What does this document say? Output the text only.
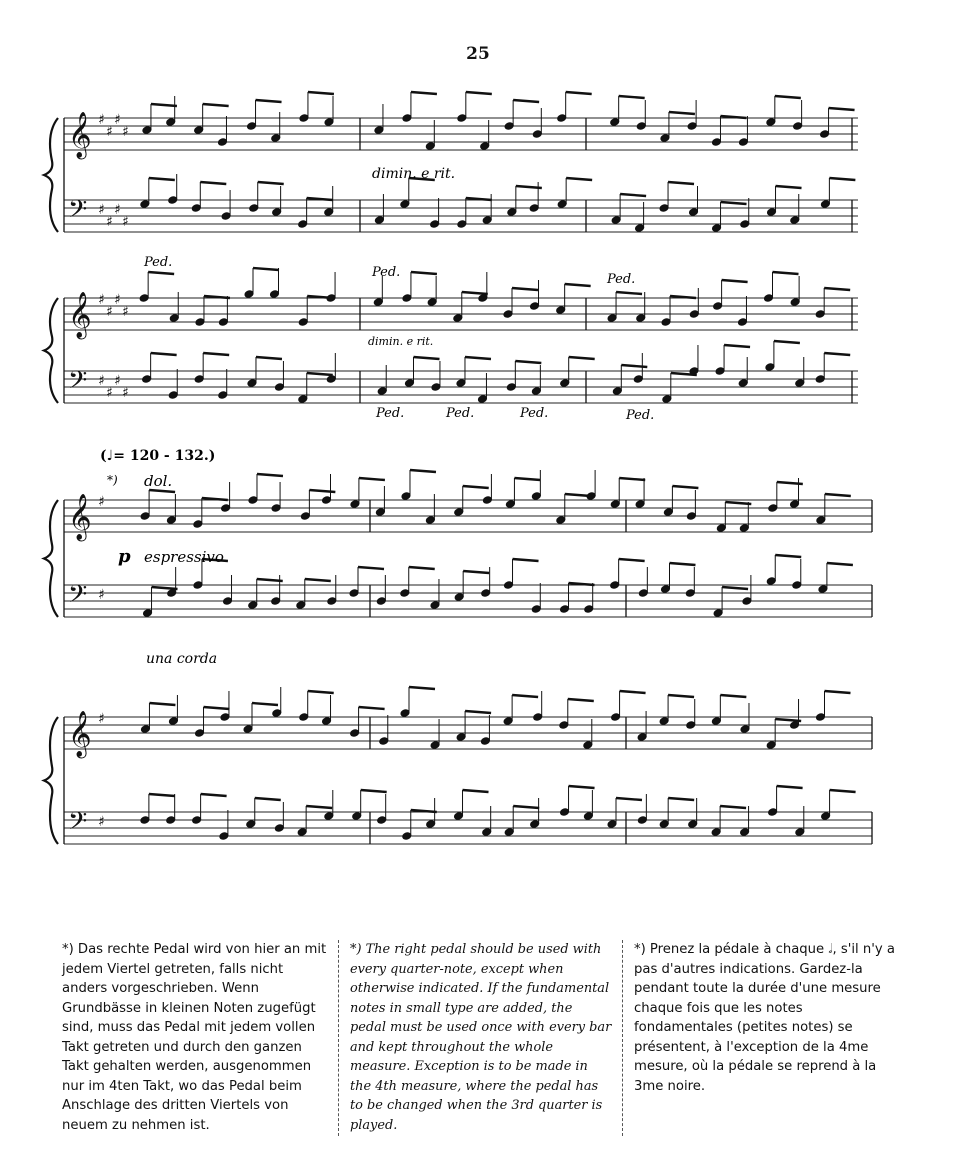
25
𝄞 ♯
♯
♯
♯
𝄢 ♯
♯
♯
♯
𝄞 ♯
♯
♯
♯
𝄢 ♯
♯
♯
♯
𝄞 ♯
𝄢 ♯
𝄞 ♯
𝄢 ♯
dimin. e rit.
dimin. e rit.
Ped.
Ped.	Ped.
Ped.	Ped.	Ped.	Ped.
(♩= 120 - 132.)
*) dol.
p espressivo
una corda
*) Das rechte Pedal wird von hier an mit jedem Viertel getreten, falls nicht anders vorgeschrieben. Wenn Grundbässe in kleinen Noten zugefügt sind, muss das Pedal mit jedem vollen Takt getreten und durch den ganzen Takt gehalten werden, ausgenommen nur im 4ten Takt, wo das Pedal beim Anschlage des dritten Viertels von neuem zu nehmen ist.
*) The right pedal should be used with every quarter-note, except when otherwise indicated. If the fundamental notes in small type are added, the pedal must be used once with every bar and kept throughout the whole measure. Exception is to be made in the 4th measure, where the pedal has to be changed when the 3rd quarter is played.
*) Prenez la pédale à chaque 𝅗𝅥, s'il n'y a pas d'autres indications. Gardez-la pendant toute la durée d'une mesure chaque fois que les notes fondamentales (petites notes) se présentent, à l'exception de la 4me mesure, où la pédale se reprend à la 3me noire.
